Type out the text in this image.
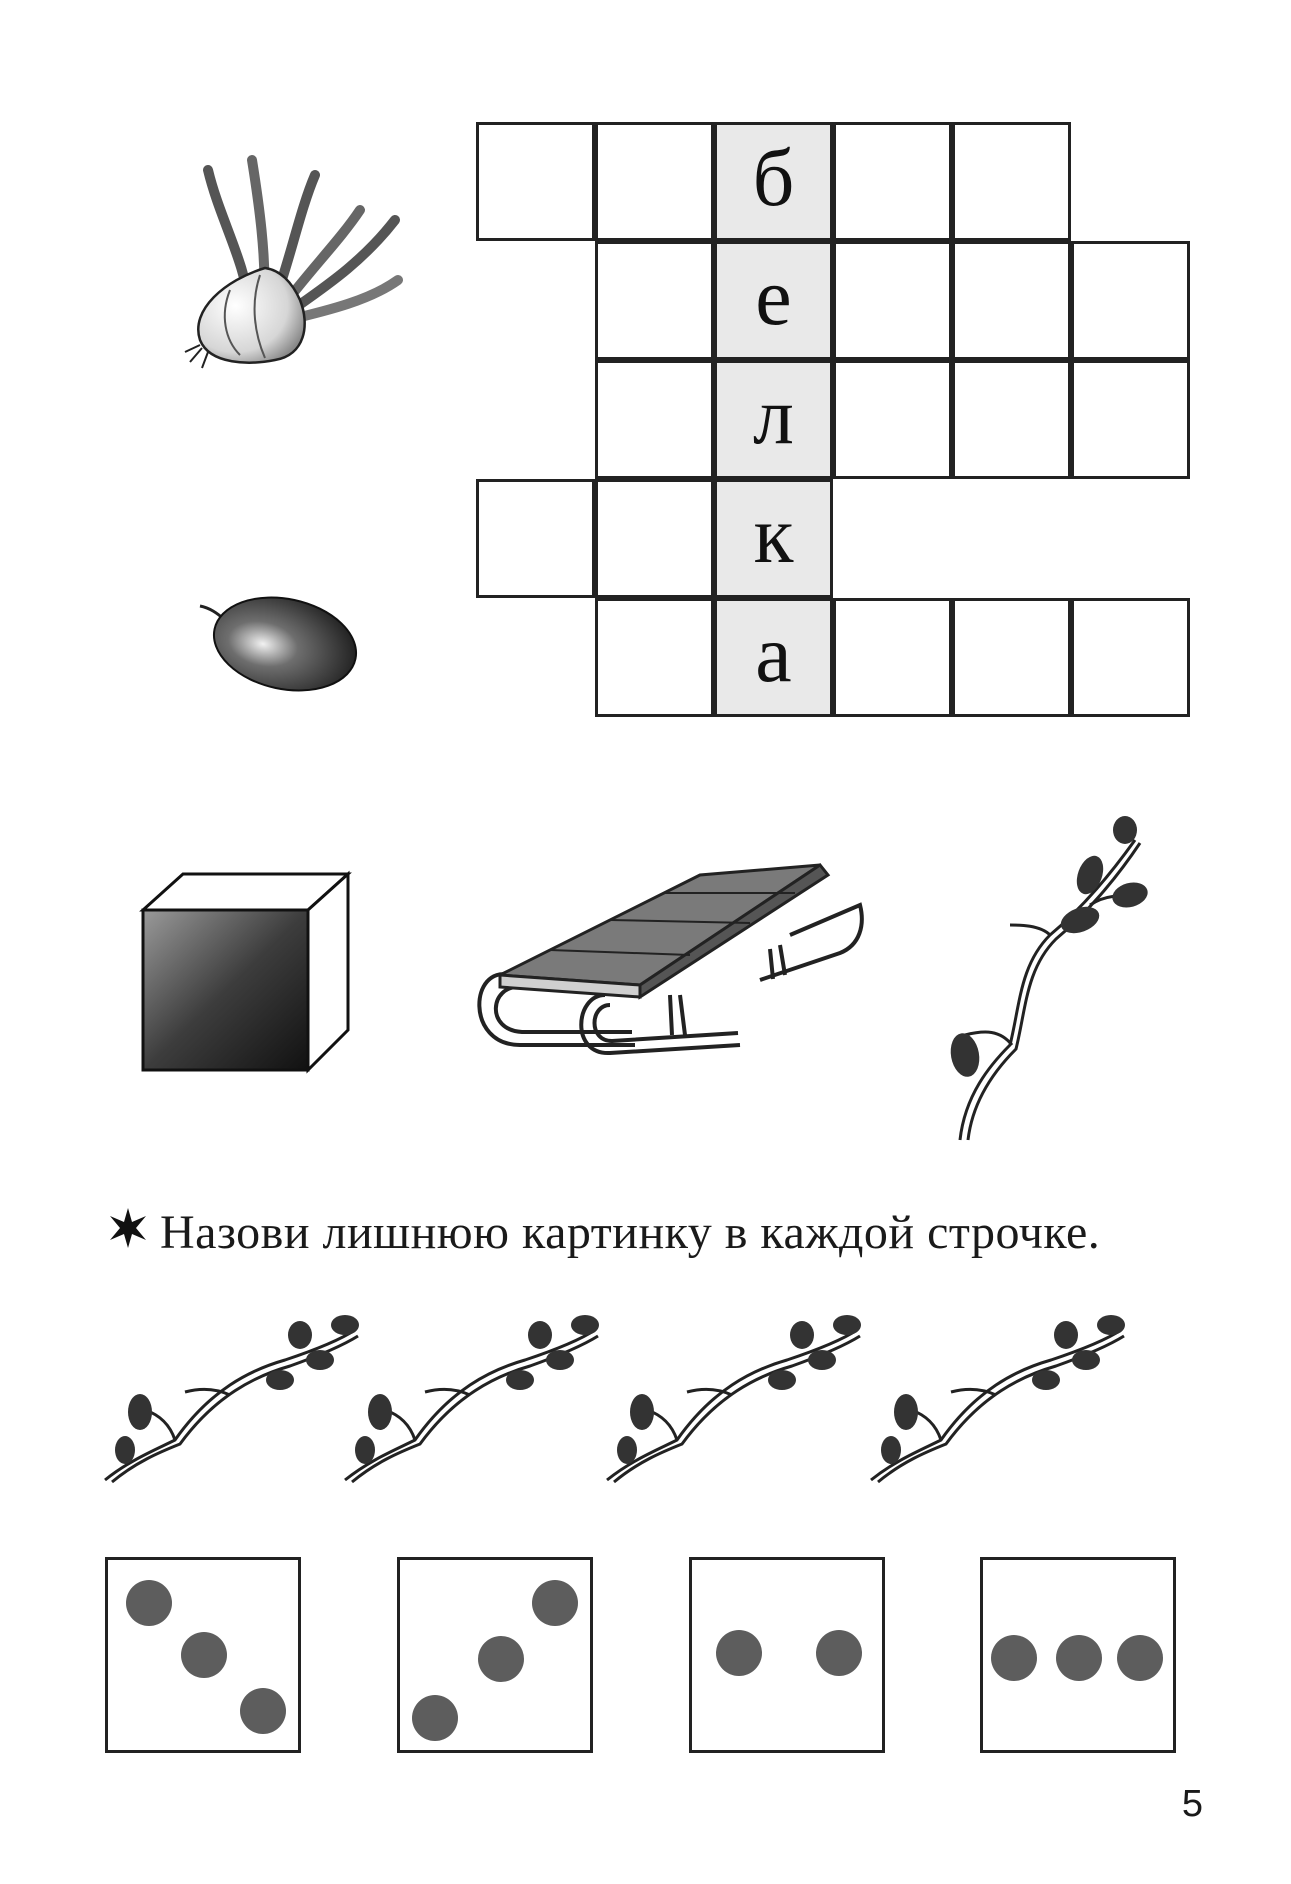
б
е
л
к
а
Назови лишнюю картинку в каждой строчке.
5
